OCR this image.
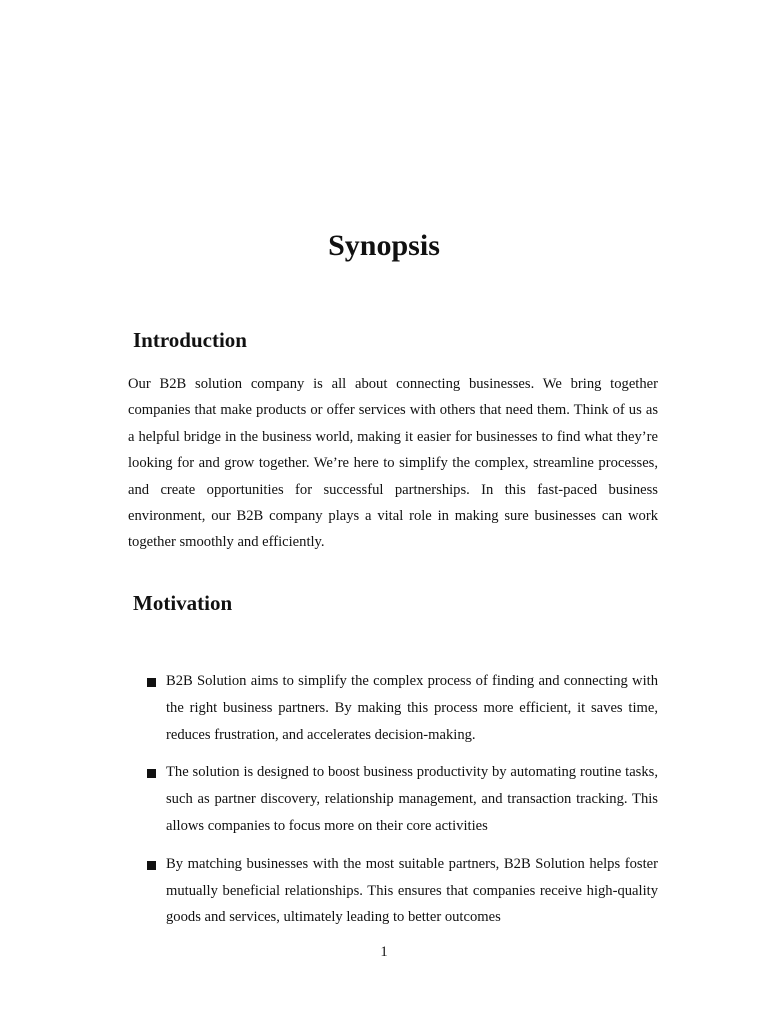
Synopsis
Introduction

Our B2B solution company is all about connecting businesses. We bring together companies that make products or offer services with others that need them. Think of us as a helpful bridge in the business world, making it easier for businesses to find what they’re looking for and grow together. We’re here to simplify the complex, streamline processes, and create opportunities for successful partnerships. In this fast-paced business environment, our B2B company plays a vital role in making sure businesses can work together smoothly and efficiently.

Motivation
B2B Solution aims to simplify the complex process of finding and connecting with the right business partners. By making this process more efficient, it saves time, reduces frustration, and accelerates decision-making.
The solution is designed to boost business productivity by automating routine tasks, such as partner discovery, relationship management, and transaction tracking. This allows companies to focus more on their core activities
By matching businesses with the most suitable partners, B2B Solution helps foster mutually beneficial relationships. This ensures that companies receive high-quality goods and services, ultimately leading to better outcomes
1
